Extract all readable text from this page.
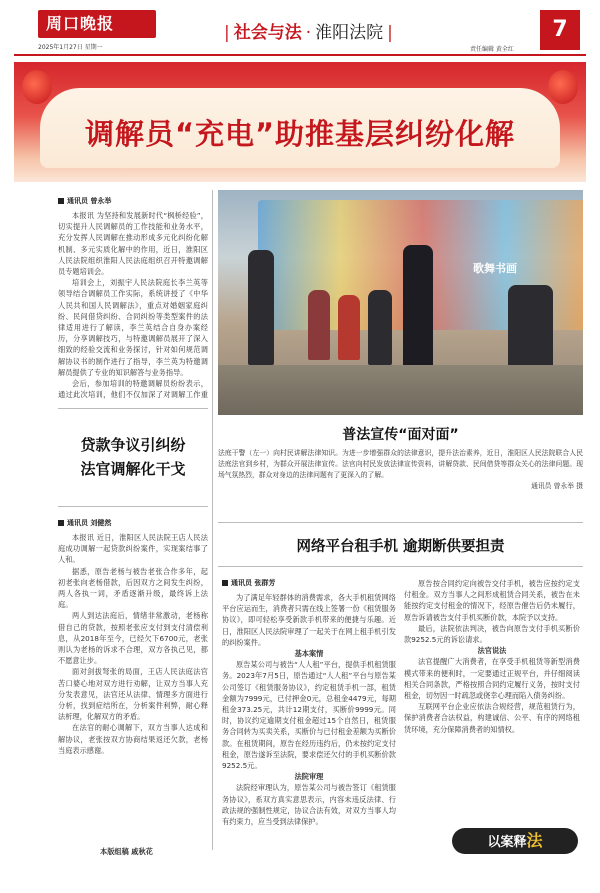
周口晚报
2025年1月27日 星期一
| 社会与法 · 淮阳法院 |	7
责任编辑 黄全红
调解员“充电”助推基层纠纷化解
通讯员 曾永举

本报讯 为坚持和发展新时代“枫桥经验”，切实提升人民调解员的工作技能和业务水平，充分发挥人民调解在推动形成多元化纠纷化解机制、多元实质化解中的作用，近日，淮阳区人民法院组织淮阳人民法庭组织召开特邀调解员专题培训会。

培训会上，刘振宇人民法院庭长李兰英等领导结合调解员工作实际，系统讲授了《中华人民共和国人民调解法》，重点对婚姻家庭纠纷、民间借贷纠纷、合同纠纷等类型案件的法律适用进行了解读，李兰英结合自身办案经历，分享调解技巧，与特邀调解员展开了深入细致的经验交流和业务探讨，针对如何规范调解协议书的制作进行了指导，李兰英为特邀调解员提供了专业的知识解答与业务指导。

会后，参加培训的特邀调解员纷纷表示，通过此次培训，他们不仅加深了对调解工作重

贷款争议引纠纷
法官调解化干戈
通讯员 刘健然

本报讯 近日，淮阳区人民法院王店人民法庭成功调解一起贷款纠纷案件，实现案结事了人和。

据悉，原告老杨与被告老张合作多年，起初老张向老杨借款，后因双方之间发生纠纷，两人各执一词，矛盾逐渐升级，最终诉上法庭。

两人到达法庭后，情绪非常激动，老杨称借自己的贷款，按照老张应支付到支付清偿利息，从2018年至今，已经欠下6700元，老张则认为老杨的诉求不合理，双方各执己见，都不愿意让步。

面对剑拔弩张的局面，王店人民法庭法官苦口婆心地对双方进行劝解，让双方当事人充分发表意见，法官还从法律、情理多方面进行分析，找到症结所在，分析案件利弊，耐心释法析理，化解双方的矛盾。

在法官的耐心调解下，双方当事人达成和解协议，老张按双方协商结果返还欠款，老杨当庭表示感谢。

本版组稿 戚秋花
歌舞书画
普法宣传“面对面”
法庭干警（左一）向村民讲解法律知识。为进一步增强群众的法律意识，提升法治素养，近日，淮阳区人民法院联合人民法庭法官到乡村，为群众开展法律宣传。法官向村民发放法律宣传资料，讲解贷款、民间借贷等群众关心的法律问题。现场气氛热烈，群众对身边的法律问题有了更深入的了解。
通讯员 曾永举 摄
网络平台租手机 逾期断供要担责
通讯员 张群芳

为了满足年轻群体的消费需求，各大手机租赁网络平台应运而生，消费者只需在线上签署一份《租赁服务协议》，即可轻松享受新款手机带来的便捷与乐趣。近日，淮阳区人民法院审理了一起关于在网上租手机引发的纠纷案件。

基本案情

原告某公司与被告“人人租”平台，提供手机租赁服务。2023年7月5日，原告通过“人人租”平台与原告某公司签订《租赁服务协议》，约定租赁手机一部，租赁金额为7999元，已付押金0元，总租金4479元，每期租金373.25元，共计12期支付，买断价9999元。同时，协议约定逾期支付租金超过15个自然日，租赁服务合同转为买卖关系，买断价与已付租金差额为买断价款。在租赁期间，原告在经历违约后，仍未按约定支付租金，原告遂诉至法院，要求偿还欠付的手机买断价款9252.5元。

法院审理

法院经审理认为，原告某公司与被告签订《租赁服务协议》，系双方真实意思表示，内容未违反法律、行政法规的强制性规定，协议合法有效，对双方当事人均有约束力，应当受到法律保护。

原告按合同约定向被告交付手机，被告应按约定支付租金。双方当事人之间形成租赁合同关系，被告在未能按约定支付租金的情况下，经原告催告后仍未履行，原告诉请被告支付手机买断价款，本院予以支持。

最后，法院依法判决，被告向原告支付手机买断价款9252.5元的诉讼请求。

法官说法

法官提醒广大消费者，在享受手机租赁等新型消费模式带来的便利时，一定要通过正规平台，并仔细阅读相关合同条款，严格按照合同约定履行义务，按时支付租金，切勿因一时疏忽或侥幸心理而陷入债务纠纷。

互联网平台企业应依法合规经营，规范租赁行为，保护消费者合法权益，构建诚信、公平、有序的网络租赁环境，充分保障消费者的知情权。

以案释法
